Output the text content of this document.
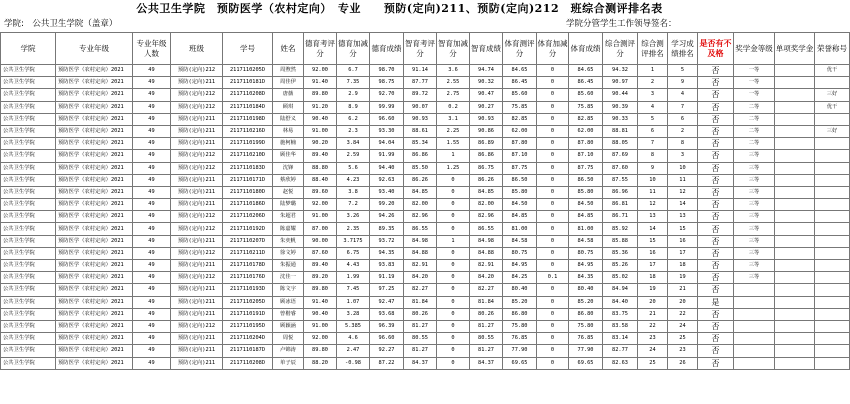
公共卫生学院　预防医学（农村定向）　专业　　预防(定向)211、预防(定向)212　班综合测评排名表
学院:　公共卫生学院（盖章）	学院分管学生工作领导签名：
学院	专业年级	专业年级人数	班级	学号	姓名	德育考评分	德育加减分	德育成绩	智育考评分	智育加减分	智育成绩	体育测评分	体育加减分	体育成绩	综合测评分	综合测评排名	学习成绩排名	是否有不及格	奖学金等级	单项奖学金	荣誉称号
公共卫生学院	预防医学（农村定向）2021	49	预防(定向)212	2117110205D	周煦然	92.00	6.7	98.70	91.14	3.6	94.74	84.65	0	84.65	94.32	1	5	否	一等		优干
公共卫生学院	预防医学（农村定向）2021	49	预防(定向)211	2117110181D	周佳伊	91.40	7.35	98.75	87.77	2.55	90.32	86.45	0	86.45	90.97	2	9	否	一等		
公共卫生学院	预防医学（农村定向）2021	49	预防(定向)212	2117110208D	唐薇	89.80	2.9	92.70	89.72	2.75	90.47	85.60	0	85.60	90.44	3	4	否	一等		三好
公共卫生学院	预防医学（农村定向）2021	49	预防(定向)212	2117110184D	顾琪	91.20	8.9	99.99	90.07	0.2	90.27	75.85	0	75.85	90.39	4	7	否	二等		优干
公共卫生学院	预防医学（农村定向）2021	49	预防(定向)211	2117110198D	陆舒义	90.40	6.2	96.60	90.93	3.1	90.93	82.85	0	82.85	90.33	5	6	否	二等		
公共卫生学院	预防医学（农村定向）2021	49	预防(定向)211	2117110216D	林易	91.00	2.3	93.30	88.61	2.25	90.86	62.00	0	62.00	88.81	6	2	否	二等		三好
公共卫生学院	预防医学（农村定向）2021	49	预防(定向)211	2117110199D	施柯楠	90.20	3.84	94.04	85.34	1.55	86.89	87.80	0	87.80	88.05	7	8	否	二等		
公共卫生学院	预防医学（农村定向）2021	49	预防(定向)212	2117110210D	顾佳华	89.40	2.59	91.99	86.86	1	86.86	87.10	0	87.10	87.69	8	3	否	三等		
公共卫生学院	预防医学（农村定向）2021	49	预防(定向)212	2117110183D	沈锋	88.80	5.6	94.40	85.50	1.25	86.75	87.75	0	87.75	87.60	9	10	否	三等		
公共卫生学院	预防医学（农村定向）2021	49	预防(定向)211	2117110171D	蔡欣婷	88.40	4.23	92.63	86.26	0	86.26	86.50	0	86.50	87.55	10	11	否	三等		
公共卫生学院	预防医学（农村定向）2021	49	预防(定向)211	2117110180D	赵悦	89.60	3.8	93.40	84.85	0	84.85	85.80	0	85.80	86.96	11	12	否	三等		
公共卫生学院	预防医学（农村定向）2021	49	预防(定向)211	2117110186D	陆梦璐	92.00	7.2	99.20	82.00	0	82.00	84.50	0	84.50	86.81	12	14	否	三等		
公共卫生学院	预防医学（农村定向）2021	49	预防(定向)212	2117110206D	朱超君	91.00	3.26	94.26	82.96	0	82.96	84.85	0	84.85	86.71	13	13	否	三等		
公共卫生学院	预防医学（农村定向）2021	49	预防(定向)212	2117110192D	陈嘉耀	87.00	2.35	89.35	86.55	0	86.55	81.00	0	81.00	85.92	14	15	否	三等		
公共卫生学院	预防医学（农村定向）2021	49	预防(定向)211	2117110207D	朱奕帆	90.00	3.7175	93.72	84.98	1	84.98	84.58	0	84.58	85.88	15	16	否	三等		
公共卫生学院	预防医学（农村定向）2021	49	预防(定向)212	2117110211D	徐文婷	87.60	6.75	94.35	84.88	0	84.88	80.75	0	80.75	85.36	16	17	否	三等		
公共卫生学院	预防医学（农村定向）2021	49	预防(定向)211	2117110178D	朱振通	89.40	4.43	93.83	82.91	0	82.91	84.95	0	84.95	85.26	17	18	否	三等		
公共卫生学院	预防医学（农村定向）2021	49	预防(定向)212	2117110176D	沈佳一	89.20	1.99	91.19	84.20	0	84.20	84.25	0.1	84.35	85.02	18	19	否	三等		
公共卫生学院	预防医学（农村定向）2021	49	预防(定向)211	2117110193D	陈文宇	89.80	7.45	97.25	82.27	0	82.27	80.40	0	80.40	84.94	19	21	否			
公共卫生学院	预防医学（农村定向）2021	49	预防(定向)211	2117110205D	顾冰语	91.40	1.07	92.47	81.84	0	81.84	85.20	0	85.20	84.40	20	20	是			
公共卫生学院	预防医学（农村定向）2021	49	预防(定向)211	2117110191D	曾楷睿	90.40	3.28	93.68	80.26	0	80.26	86.80	0	86.80	83.75	21	22	否			
公共卫生学院	预防医学（农村定向）2021	49	预防(定向)212	2117110195D	顾颖涵	91.00	5.385	96.39	81.27	0	81.27	75.80	0	75.80	83.58	22	24	否			
公共卫生学院	预防医学（农村定向）2021	49	预防(定向)211	2117110204D	周悦	92.00	4.6	96.60	80.55	0	80.55	76.85	0	76.85	83.14	23	25	否			
公共卫生学院	预防医学（农村定向）2021	49	预防(定向)211	2117110187D	卢锦涛	89.80	2.47	92.27	81.27	0	81.27	77.90	0	77.90	82.77	24	23	否			
公共卫生学院	预防医学（农村定向）2021	49	预防(定向)211	2117110208D	单子辰	88.20	-0.98	87.22	84.37	0	84.37	69.65	0	69.65	82.63	25	26	否			
